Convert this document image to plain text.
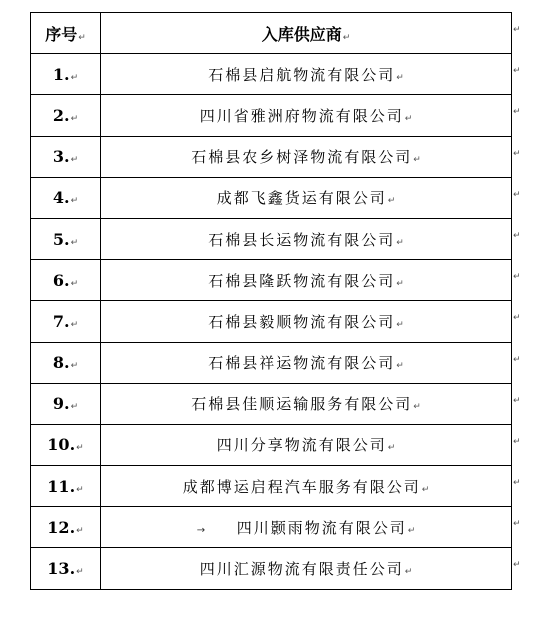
序号↵	入库供应商↵
1.↵	石棉县启航物流有限公司↵
2.↵	四川省雅洲府物流有限公司↵
3.↵	石棉县农乡树泽物流有限公司↵
4.↵	成都飞鑫货运有限公司↵
5.↵	石棉县长运物流有限公司↵
6.↵	石棉县隆跃物流有限公司↵
7.↵	石棉县毅顺物流有限公司↵
8.↵	石棉县祥运物流有限公司↵
9.↵	石棉县佳顺运输服务有限公司↵
10.↵	四川分享物流有限公司↵
11.↵	成都博运启程汽车服务有限公司↵
12.↵	→ 四川颢雨物流有限公司↵
13.↵	四川汇源物流有限责任公司↵
↵
↵
↵
↵
↵
↵
↵
↵
↵
↵
↵
↵
↵
↵
